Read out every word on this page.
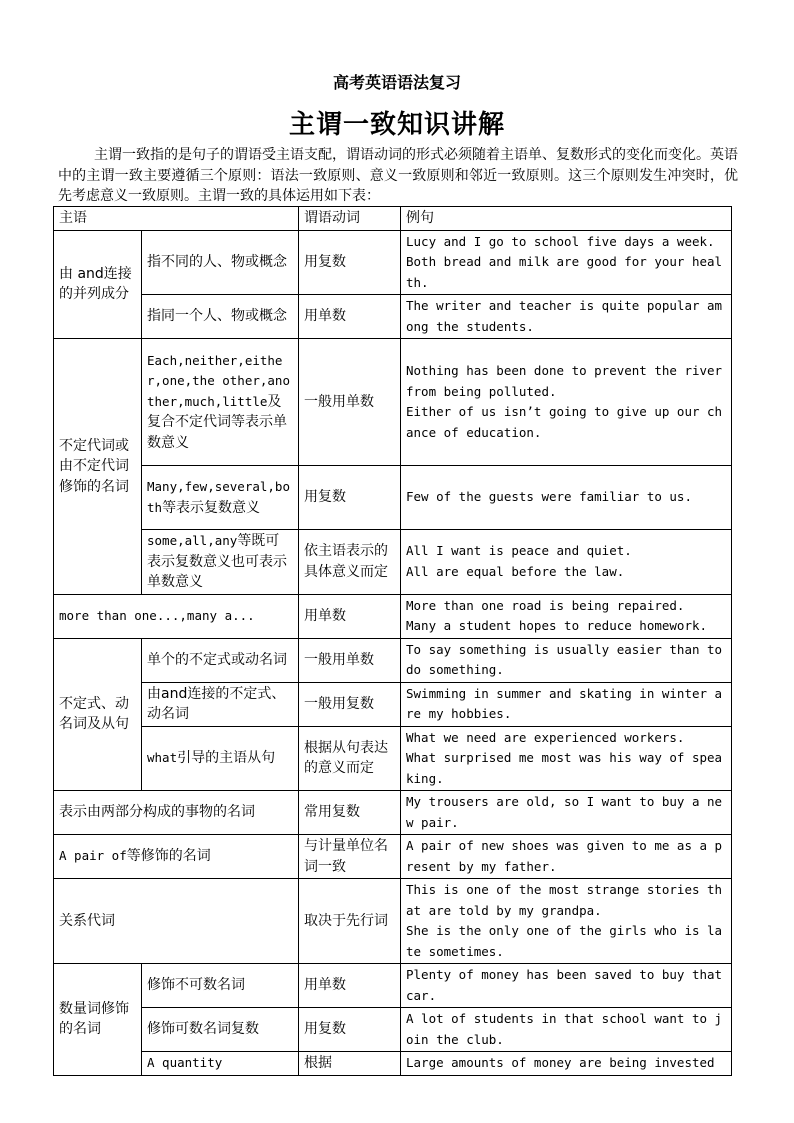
高考英语语法复习
主谓一致知识讲解
主谓一致指的是句子的谓语受主语支配，谓语动词的形式必须随着主语单、复数形式的变化而变化。英语中的主谓一致主要遵循三个原则：语法一致原则、意义一致原则和邻近一致原则。这三个原则发生冲突时，优先考虑意义一致原则。主谓一致的具体运用如下表：
主语		谓语动词	例句
由 and连接的并列成分	指不同的人、物或概念	用复数	Lucy and I go to school five days a week.
Both bread and milk are good for your health.

	指同一个人、物或概念	用单数	The writer and teacher is quite popular among the students.
不定代词或由不定代词修饰的名词	Each,neither,either,one,the other,another,much,little及复合不定代词等表示单数意义	一般用单数	Nothing has been done to prevent the river from being polluted.
Either of us isn’t going to give up our chance of education.

	Many,few,several,both等表示复数意义	用复数	Few of the guests were familiar to us.
	some,all,any等既可表示复数意义也可表示单数意义	依主语表示的具体意义而定	All I want is peace and quiet.
All are equal before the law.

more than one...,many a...		用单数	More than one road is being repaired.
Many a student hopes to reduce homework.

不定式、动名词及从句	单个的不定式或动名词	一般用单数	To say something is usually easier than to do something.
	由and连接的不定式、动名词	一般用复数	Swimming in summer and skating in winter are my hobbies.
	what引导的主语从句	根据从句表达的意义而定	What we need are experienced workers.
What surprised me most was his way of speaking.

表示由两部分构成的事物的名词		常用复数	My trousers are old, so I want to buy a new pair.
A pair of等修饰的名词		与计量单位名词一致	A pair of new shoes was given to me as a present by my father.
关系代词		取决于先行词	This is one of the most strange stories that are told by my grandpa.
She is the only one of the girls who is late sometimes.

数量词修饰的名词	修饰不可数名词	用单数	Plenty of money has been saved to buy that car.
	修饰可数名词复数	用复数	A lot of students in that school want to join the club.
	A quantity	根据	Large amounts of money are being invested
